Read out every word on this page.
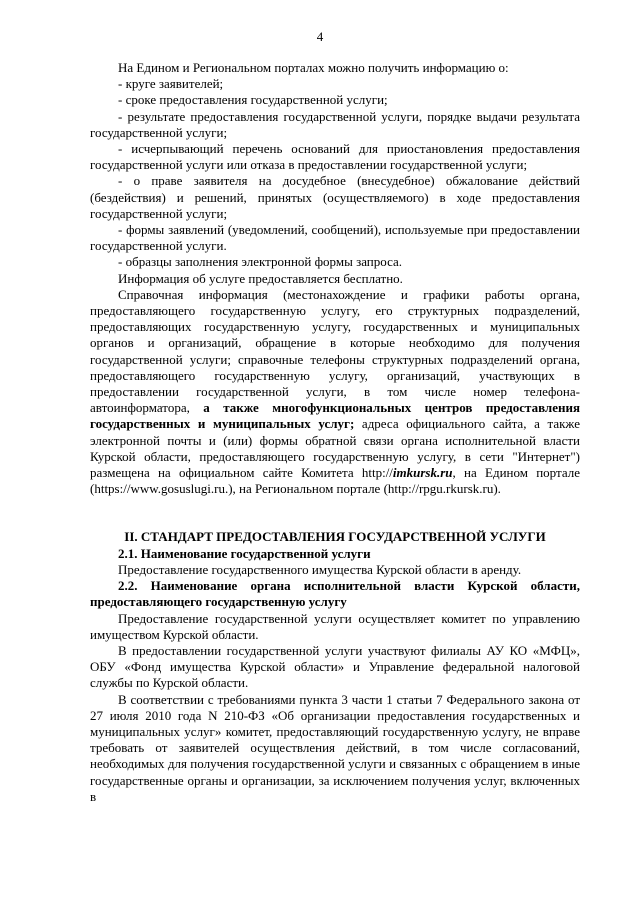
4

На Едином и Региональном порталах можно получить информацию о:

- круге заявителей;

- сроке предоставления государственной услуги;

- результате предоставления государственной услуги, порядке выдачи результата государственной услуги;

- исчерпывающий перечень оснований для приостановления предоставления государственной услуги или отказа в предоставлении государственной услуги;

- о праве заявителя на досудебное (внесудебное) обжалование действий (бездействия) и решений, принятых (осуществляемого) в ходе предоставления государственной услуги;

- формы заявлений (уведомлений, сообщений), используемые при предоставлении государственной услуги.

- образцы заполнения электронной формы запроса.

Информация об услуге предоставляется бесплатно.

Справочная информация (местонахождение и графики работы органа, предоставляющего государственную услугу, его структурных подразделений, предоставляющих государственную услугу, государственных и муниципальных органов и организаций, обращение в которые необходимо для получения государственной услуги; справочные телефоны структурных подразделений органа, предоставляющего государственную услугу, организаций, участвующих в предоставлении государственной услуги, в том числе номер телефона-автоинформатора, а также многофункциональных центров предоставления государственных и муниципальных услуг; адреса официального сайта, а также электронной почты и (или) формы обратной связи органа исполнительной власти Курской области, предоставляющего государственную услугу, в сети "Интернет") размещена на официальном сайте Комитета http://imkursk.ru, на Едином портале (https://www.gosuslugi.ru.), на Региональном портале (http://rpgu.rkursk.ru).

II. СТАНДАРТ ПРЕДОСТАВЛЕНИЯ ГОСУДАРСТВЕННОЙ УСЛУГИ

2.1. Наименование государственной услуги

Предоставление государственного имущества Курской области в аренду.

2.2. Наименование органа исполнительной власти Курской области, предоставляющего государственную услугу

Предоставление государственной услуги осуществляет комитет по управлению имуществом Курской области.

В предоставлении государственной услуги участвуют филиалы АУ КО «МФЦ», ОБУ «Фонд имущества Курской области» и Управление федеральной налоговой службы по Курской области.

В соответствии с требованиями пункта 3 части 1 статьи 7 Федерального закона от 27 июля 2010 года N 210-ФЗ «Об организации предоставления государственных и муниципальных услуг» комитет, предоставляющий государственную услугу, не вправе требовать от заявителей осуществления действий, в том числе согласований, необходимых для получения государственной услуги и связанных с обращением в иные государственные органы и организации, за исключением получения услуг, включенных в
